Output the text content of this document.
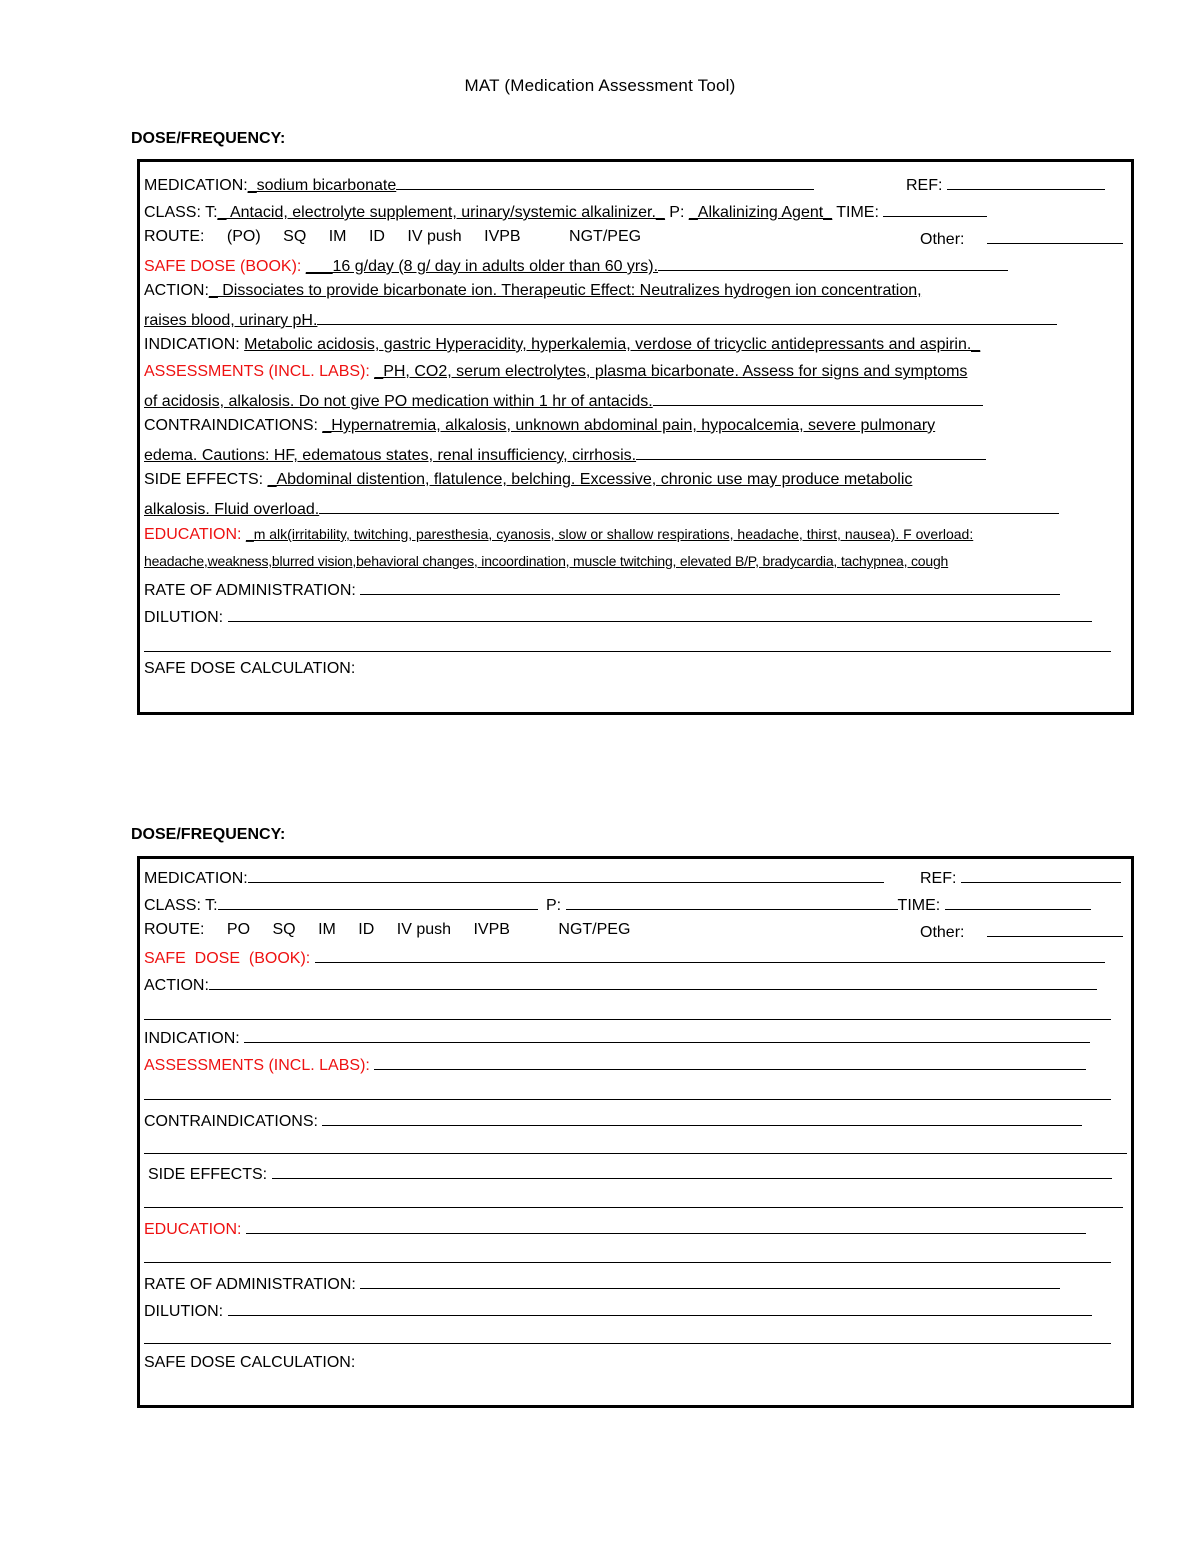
MAT (Medication Assessment Tool)
DOSE/FREQUENCY:
MEDICATION:_sodium bicarbonate	REF:
CLASS: T:_ Antacid, electrolyte supplement, urinary/systemic alkalinizer._ P: _Alkalinizing Agent_ TIME:
ROUTE: (PO) SQ IM ID IV push IVPB	NGT/PEG	Other:
SAFE DOSE (BOOK): ___16 g/day (8 g/ day in adults older than 60 yrs).
ACTION:_ Dissociates to provide bicarbonate ion. Therapeutic Effect: Neutralizes hydrogen ion concentration,
raises blood, urinary pH.
INDICATION: Metabolic acidosis, gastric Hyperacidity, hyperkalemia, verdose of tricyclic antidepressants and aspirin._
ASSESSMENTS (INCL. LABS): _PH, CO2, serum electrolytes, plasma bicarbonate. Assess for signs and symptoms
of acidosis, alkalosis. Do not give PO medication within 1 hr of antacids.
CONTRAINDICATIONS: _Hypernatremia, alkalosis, unknown abdominal pain, hypocalcemia, severe pulmonary
edema. Cautions: HF, edematous states, renal insufficiency, cirrhosis.
SIDE EFFECTS: _Abdominal distention, flatulence, belching. Excessive, chronic use may produce metabolic
alkalosis. Fluid overload.
EDUCATION: _m alk(irritability, twitching, paresthesia, cyanosis, slow or shallow respirations, headache, thirst, nausea). F overload:
headache,weakness,blurred vision,behavioral changes, incoordination, muscle twitching, elevated B/P, bradycardia, tachypnea, cough
RATE OF ADMINISTRATION:
DILUTION:
SAFE DOSE CALCULATION:
DOSE/FREQUENCY:
MEDICATION:	REF:
CLASS: T:	P:	TIME:
ROUTE: PO SQ IM ID IV push IVPB	NGT/PEG	Other:
SAFE  DOSE  (BOOK):
ACTION:
INDICATION:
ASSESSMENTS (INCL. LABS):
CONTRAINDICATIONS:
SIDE EFFECTS:
EDUCATION:
RATE OF ADMINISTRATION:
DILUTION:
SAFE DOSE CALCULATION:
